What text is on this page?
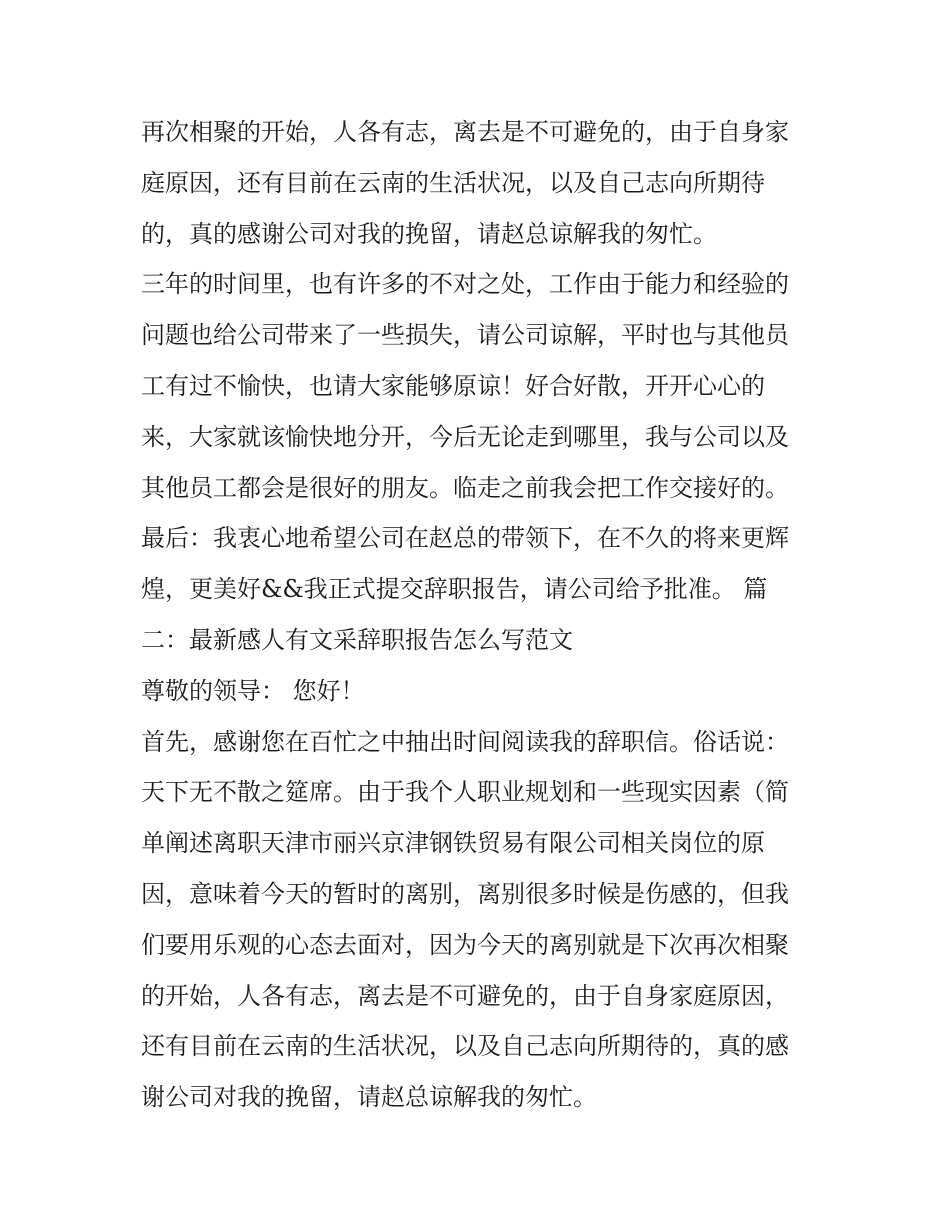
再次相聚的开始，人各有志，离去是不可避免的，由于自身家
庭原因，还有目前在云南的生活状况，以及自己志向所期待
的，真的感谢公司对我的挽留，请赵总谅解我的匆忙。
三年的时间里，也有许多的不对之处，工作由于能力和经验的
问题也给公司带来了一些损失，请公司谅解，平时也与其他员
工有过不愉快，也请大家能够原谅！好合好散，开开心心的
来，大家就该愉快地分开，今后无论走到哪里，我与公司以及
其他员工都会是很好的朋友。临走之前我会把工作交接好的。
最后：我衷心地希望公司在赵总的带领下，在不久的将来更辉
煌，更美好&&我正式提交辞职报告，请公司给予批准。 篇
二：最新感人有文采辞职报告怎么写范文
尊敬的领导： 您好！
首先，感谢您在百忙之中抽出时间阅读我的辞职信。俗话说：
天下无不散之筵席。由于我个人职业规划和一些现实因素（简
单阐述离职天津市丽兴京津钢铁贸易有限公司相关岗位的原
因，意味着今天的暂时的离别，离别很多时候是伤感的，但我
们要用乐观的心态去面对，因为今天的离别就是下次再次相聚
的开始，人各有志，离去是不可避免的，由于自身家庭原因，
还有目前在云南的生活状况，以及自己志向所期待的，真的感
谢公司对我的挽留，请赵总谅解我的匆忙。
